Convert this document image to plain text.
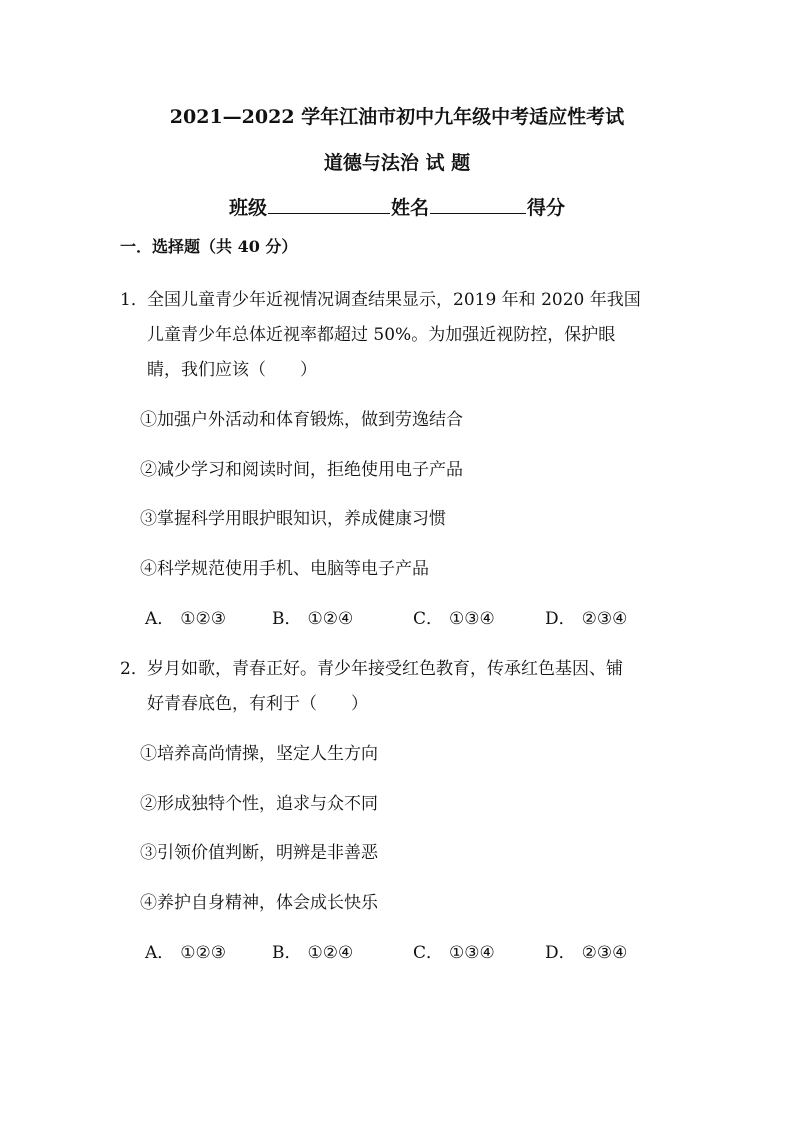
2021—2022 学年江油市初中九年级中考适应性考试
道德与法治 试 题
班级	姓名	得分
一．选择题（共 40 分）
1．全国儿童青少年近视情况调查结果显示，2019 年和 2020 年我国
儿童青少年总体近视率都超过 50%。为加强近视防控，保护眼
睛，我们应该（　　）
①加强户外活动和体育锻炼，做到劳逸结合
②减少学习和阅读时间，拒绝使用电子产品
③掌握科学用眼护眼知识，养成健康习惯
④科学规范使用手机、电脑等电子产品
A． ①②③	B． ①②④	C． ①③④	D． ②③④
2．岁月如歌，青春正好。青少年接受红色教育，传承红色基因、铺
好青春底色，有利于（　　）
①培养高尚情操，坚定人生方向
②形成独特个性，追求与众不同
③引领价值判断，明辨是非善恶
④养护自身精神，体会成长快乐
A． ①②③	B． ①②④	C． ①③④	D． ②③④
